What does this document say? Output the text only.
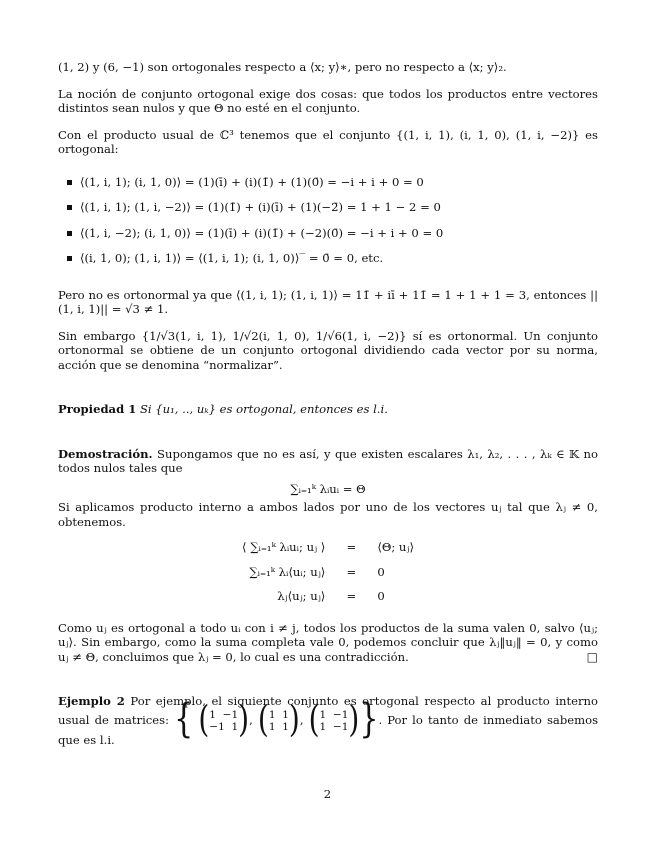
(1, 2) y (6, −1) son ortogonales respecto a ⟨x; y⟩∗, pero no respecto a ⟨x; y⟩₂.

La noción de conjunto ortogonal exige dos cosas: que todos los productos entre vectores distintos sean nulos y que Θ no esté en el conjunto.

Con el producto usual de ℂ³ tenemos que el conjunto {(1, i, 1), (i, 1, 0), (1, i, −2)} es ortogonal:

⟨(1, i, 1); (i, 1, 0)⟩ = (1)(ī) + (i)(1̄) + (1)(0̄) = −i + i + 0 = 0
⟨(1, i, 1); (1, i, −2)⟩ = (1)(1̄) + (i)(ī) + (1)(−2̄) = 1 + 1 − 2 = 0
⟨(1, i, −2); (i, 1, 0)⟩ = (1)(ī) + (i)(1̄) + (−2)(0̄) = −i + i + 0 = 0
⟨(i, 1, 0); (1, i, 1)⟩ = ⟨(1, i, 1); (i, 1, 0)⟩‾ = 0̄ = 0, etc.

Pero no es ortonormal ya que ⟨(1, i, 1); (1, i, 1)⟩ = 11̄ + iī + 11̄ = 1 + 1 + 1 = 3, entonces ||(1, i, 1)|| = √3 ≠ 1.

Sin embargo {1/√3(1, i, 1), 1/√2(i, 1, 0), 1/√6(1, i, −2)} sí es ortonormal. Un conjunto ortonormal se obtiene de un conjunto ortogonal dividiendo cada vector por su norma, acción que se denomina “normalizar”.

Propiedad 1 Si {u₁, .., uₖ} es ortogonal, entonces es l.i.

Demostración. Supongamos que no es así, y que existen escalares λ₁, λ₂, . . . , λₖ ∈ 𝕂 no todos nulos tales que

∑ᵢ₌₁ᵏ λᵢuᵢ = Θ

Si aplicamos producto interno a ambos lados por uno de los vectores uⱼ tal que λⱼ ≠ 0, obtenemos.

⟨ ∑ᵢ₌₁ᵏ λᵢuᵢ; uⱼ ⟩	=	⟨Θ; uⱼ⟩
∑ᵢ₌₁ᵏ λᵢ⟨uᵢ; uⱼ⟩	=	0
λⱼ⟨uⱼ; uⱼ⟩	=	0

Como uⱼ es ortogonal a todo uᵢ con i ≠ j, todos los productos de la suma valen 0, salvo ⟨uⱼ; uⱼ⟩. Sin embargo, como la suma completa vale 0, podemos concluir que λⱼ‖uⱼ‖ = 0, y como uⱼ ≠ Θ, concluimos que λⱼ = 0, lo cual es una contradicción.	□

Ejemplo 2 Por ejemplo, el siguiente conjunto es ortogonal respecto al producto interno usual de matrices: { (1 −1
−1 1), (1 1
1 1), (1 −1
1 −1)}. Por lo tanto de inmediato sabemos que es l.i.

2
